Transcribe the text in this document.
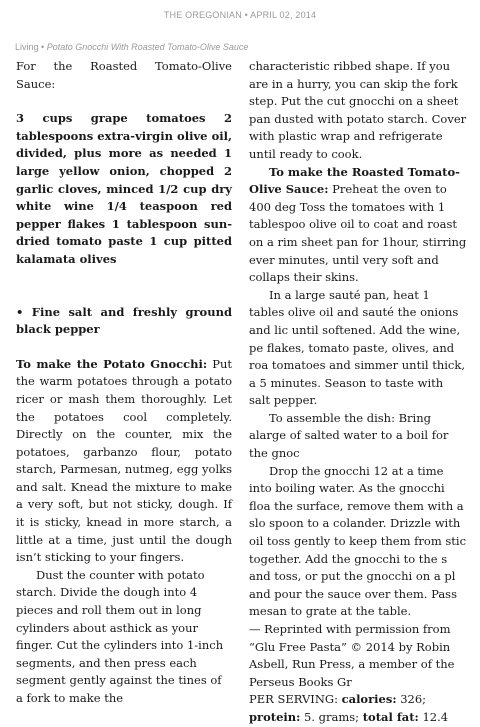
THE OREGONIAN • APRIL 02, 2014
Living • Potato Gnocchi With Roasted Tomato-Olive Sauce

For the Roasted Tomato-Olive Sauce:

3 cups grape tomatoes 2 tablespoons extra-virgin olive oil, divided, plus more as needed 1 large yellow onion, chopped 2 garlic cloves, minced 1/2 cup dry white wine 1/4 teaspoon red pepper flakes 1 tablespoon sun-dried tomato paste 1 cup pitted kalamata olives

• Fine salt and freshly ground black pepper

To make the Potato Gnocchi: Put the warm potatoes through a potato ricer or mash them thoroughly. Let the potatoes cool completely. Directly on the counter, mix the potatoes, garbanzo flour, potato starch, Parmesan, nutmeg, egg yolks and salt. Knead the mixture to make a very soft, but not sticky, dough. If it is sticky, knead in more starch, a little at a time, just until the dough isn’t sticking to your fingers.

Dust the counter with potato starch. Divide the dough into 4 pieces and roll them out in long cylinders about asthick as your finger. Cut the cylinders into 1-inch segments, and then press each segment gently against the tines of a fork to make the

characteristic ribbed shape. If you are in a hurry, you can skip the fork step. Put the cut gnocchi on a sheet pan dusted with potato starch. Cover with plastic wrap and refrigerate until ready to cook.

To make the Roasted Tomato-Olive Sauce: Preheat the oven to 400 deg Toss the tomatoes with 1 tablespoo olive oil to coat and roast on a rim sheet pan for 1hour, stirring ever minutes, until very soft and collaps their skins.

In a large sauté pan, heat 1 tables olive oil and sauté the onions and lic until softened. Add the wine, pe flakes, tomato paste, olives, and roa tomatoes and simmer until thick, a 5 minutes. Season to taste with salt pepper.

To assemble the dish: Bring alarge of salted water to a boil for the gnoc

Drop the gnocchi 12 at a time into boiling water. As the gnocchi floa the surface, remove them with a slo spoon to a colander. Drizzle with oil toss gently to keep them from stic together. Add the gnocchi to the s and toss, or put the gnocchi on a pl and pour the sauce over them. Pass mesan to grate at the table.

— Reprinted with permission from “Glu Free Pasta” © 2014 by Robin Asbell, Run Press, a member of the Perseus Books Gr

PER SERVING: calories: 326; protein: 5. grams; total fat: 12.4
